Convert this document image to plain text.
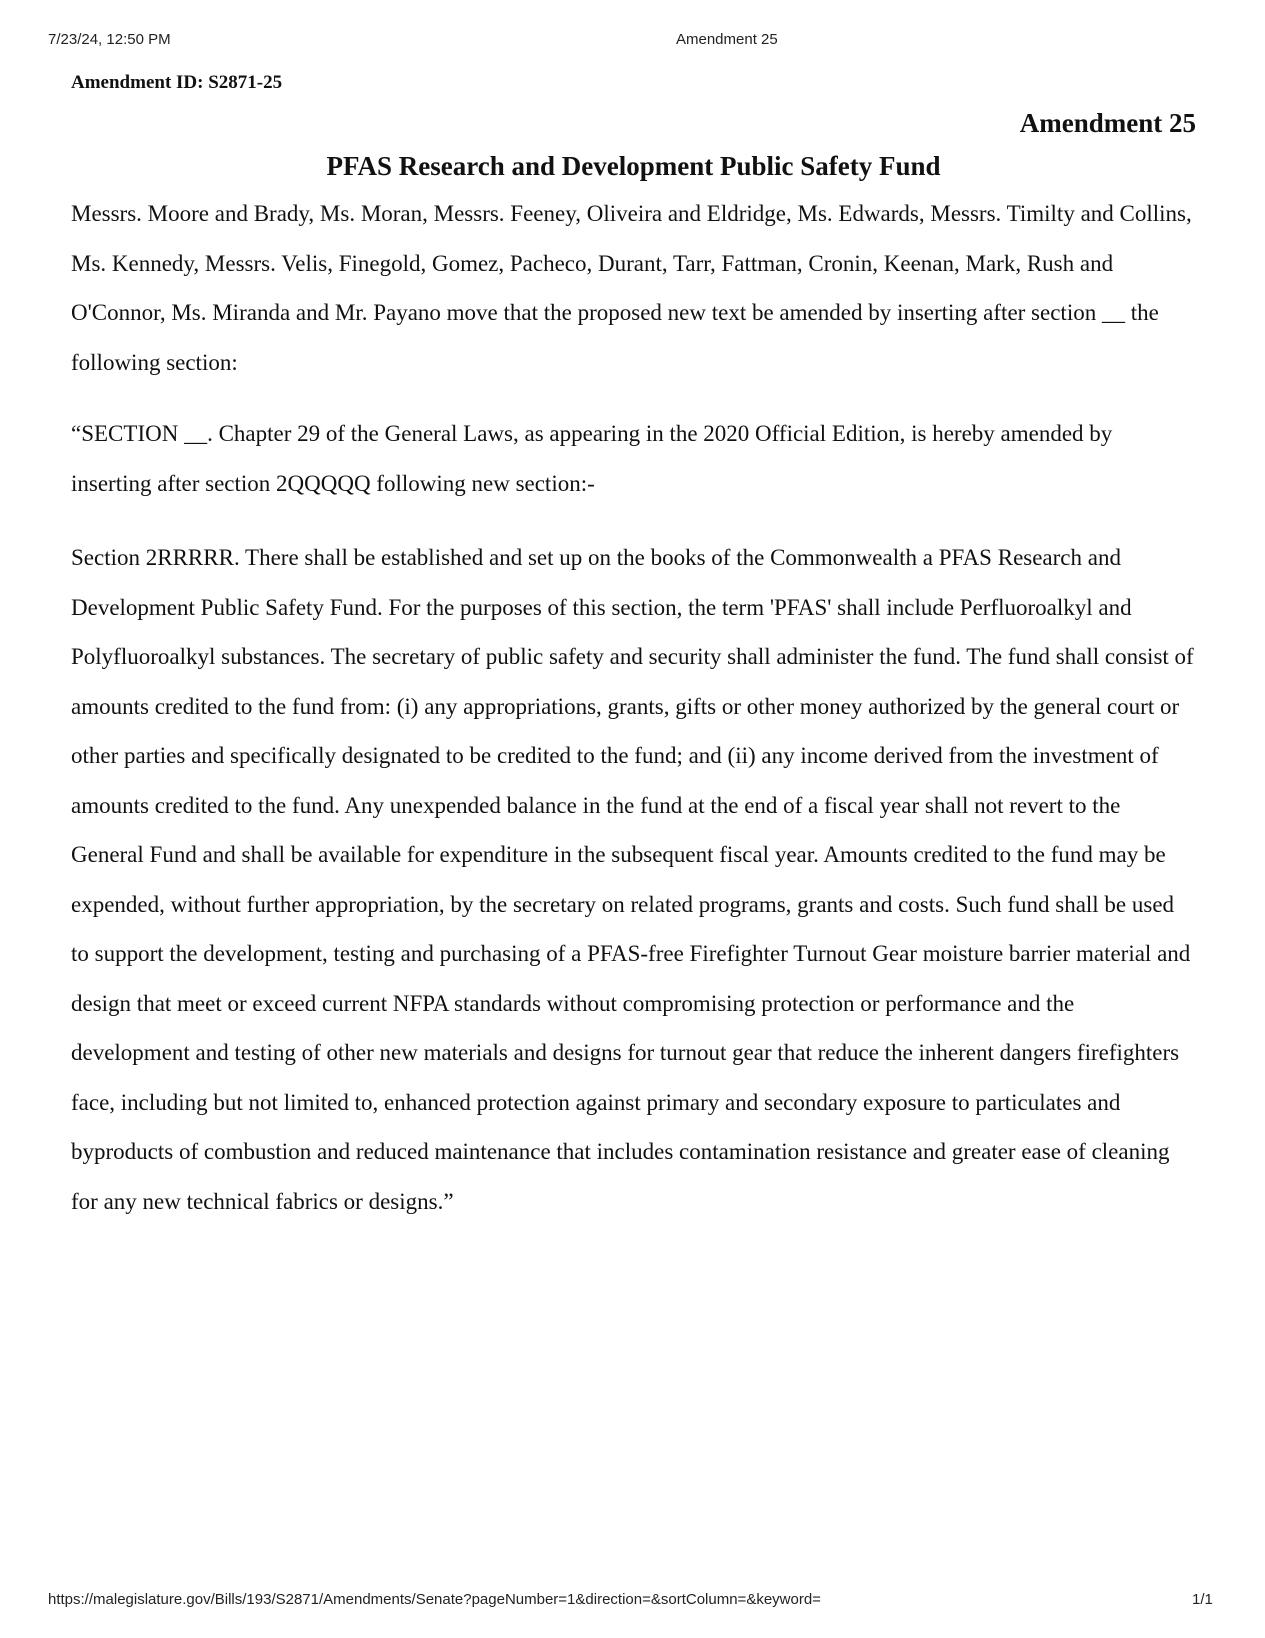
7/23/24, 12:50 PM	Amendment 25
Amendment ID: S2871-25
Amendment 25
PFAS Research and Development Public Safety Fund

Messrs. Moore and Brady, Ms. Moran, Messrs. Feeney, Oliveira and Eldridge, Ms. Edwards, Messrs. Timilty and Collins, Ms. Kennedy, Messrs. Velis, Finegold, Gomez, Pacheco, Durant, Tarr, Fattman, Cronin, Keenan, Mark, Rush and O'Connor, Ms. Miranda and Mr. Payano move that the proposed new text be amended by inserting after section __ the following section:

“SECTION __. Chapter 29 of the General Laws, as appearing in the 2020 Official Edition, is hereby amended by inserting after section 2QQQQQ following new section:-

Section 2RRRRR. There shall be established and set up on the books of the Commonwealth a PFAS Research and Development Public Safety Fund. For the purposes of this section, the term 'PFAS' shall include Perfluoroalkyl and Polyfluoroalkyl substances. The secretary of public safety and security shall administer the fund. The fund shall consist of amounts credited to the fund from: (i) any appropriations, grants, gifts or other money authorized by the general court or other parties and specifically designated to be credited to the fund; and (ii) any income derived from the investment of amounts credited to the fund. Any unexpended balance in the fund at the end of a fiscal year shall not revert to the General Fund and shall be available for expenditure in the subsequent fiscal year. Amounts credited to the fund may be expended, without further appropriation, by the secretary on related programs, grants and costs. Such fund shall be used to support the development, testing and purchasing of a PFAS-free Firefighter Turnout Gear moisture barrier material and design that meet or exceed current NFPA standards without compromising protection or performance and the development and testing of other new materials and designs for turnout gear that reduce the inherent dangers firefighters face, including but not limited to, enhanced protection against primary and secondary exposure to particulates and byproducts of combustion and reduced maintenance that includes contamination resistance and greater ease of cleaning for any new technical fabrics or designs.”

https://malegislature.gov/Bills/193/S2871/Amendments/Senate?pageNumber=1&direction=&sortColumn=&keyword=	1/1
